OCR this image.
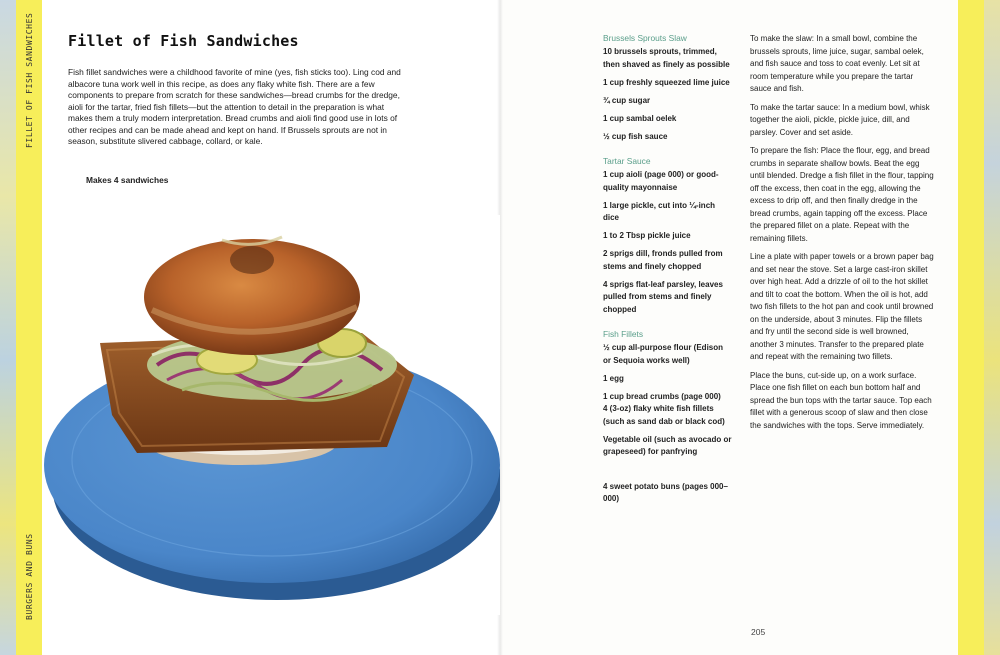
FILLET OF FISH SANDWICHES
BURGERS AND BUNS
Fillet of Fish Sandwiches

Fish fillet sandwiches were a childhood favorite of mine (yes, fish sticks too). Ling cod and albacore tuna work well in this recipe, as does any flaky white fish. There are a few components to prepare from scratch for these sandwiches—bread crumbs for the dredge, aioli for the tartar, fried fish fillets—but the attention to detail in the preparation is what makes them a truly modern interpretation. Bread crumbs and aioli find good use in lots of other recipes and can be made ahead and kept on hand. If Brussels sprouts are not in season, substitute slivered cabbage, collard, or kale.

Makes 4 sandwiches

Brussels Sprouts Slaw
10 brussels sprouts, trimmed, then shaved as finely as possible
1 cup freshly squeezed lime juice
¾ cup sugar
1 cup sambal oelek
½ cup fish sauce
Tartar Sauce
1 cup aioli (page 000) or good-quality mayonnaise
1 large pickle, cut into ¼-inch dice
1 to 2 Tbsp pickle juice
2 sprigs dill, fronds pulled from stems and finely chopped
4 sprigs flat-leaf parsley, leaves pulled from stems and finely chopped
Fish Fillets
½ cup all-purpose flour (Edison or Sequoia works well)
1 egg
1 cup bread crumbs (page 000)
4 (3-oz) flaky white fish fillets (such as sand dab or black cod)
Vegetable oil (such as avocado or grapeseed) for panfrying
4 sweet potato buns (pages 000–000)

To make the slaw: In a small bowl, combine the brussels sprouts, lime juice, sugar, sambal oelek, and fish sauce and toss to coat evenly. Let sit at room temperature while you prepare the tartar sauce and fish.

To make the tartar sauce: In a medium bowl, whisk together the aioli, pickle, pickle juice, dill, and parsley. Cover and set aside.

To prepare the fish: Place the flour, egg, and bread crumbs in separate shallow bowls. Beat the egg until blended. Dredge a fish fillet in the flour, tapping off the excess, then coat in the egg, allowing the excess to drip off, and then finally dredge in the bread crumbs, again tapping off the excess. Place the prepared fillet on a plate. Repeat with the remaining fillets.

Line a plate with paper towels or a brown paper bag and set near the stove. Set a large cast-iron skillet over high heat. Add a drizzle of oil to the hot skillet and tilt to coat the bottom. When the oil is hot, add two fish fillets to the hot pan and cook until browned on the underside, about 3 minutes. Flip the fillets and fry until the second side is well browned, another 3 minutes. Transfer to the prepared plate and repeat with the remaining two fillets.

Place the buns, cut-side up, on a work surface. Place one fish fillet on each bun bottom half and spread the bun tops with the tartar sauce. Top each fillet with a generous scoop of slaw and then close the sandwiches with the tops. Serve immediately.

205
